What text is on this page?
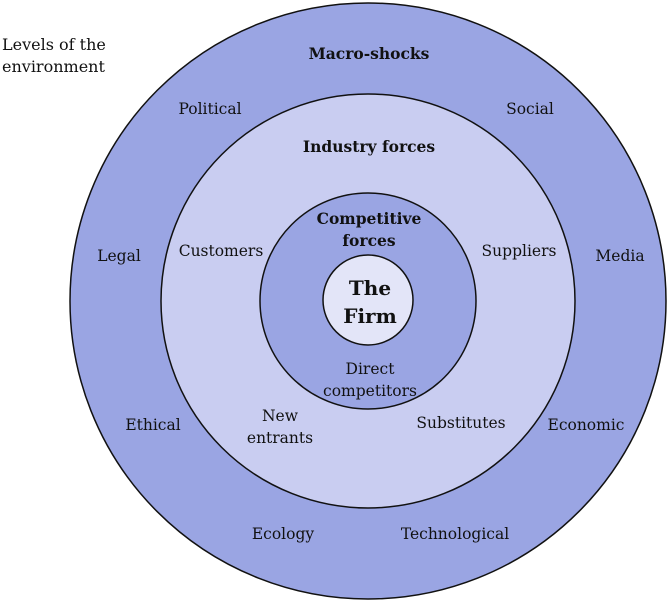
Levels of the
environment
Macro-shocks
Political	Social
Legal	Media
Ethical	Economic
Ecology	Technological
Industry forces
Customers	Suppliers
Substitutes
New
entrants
Competitive
forces
Direct
competitors
The
Firm
